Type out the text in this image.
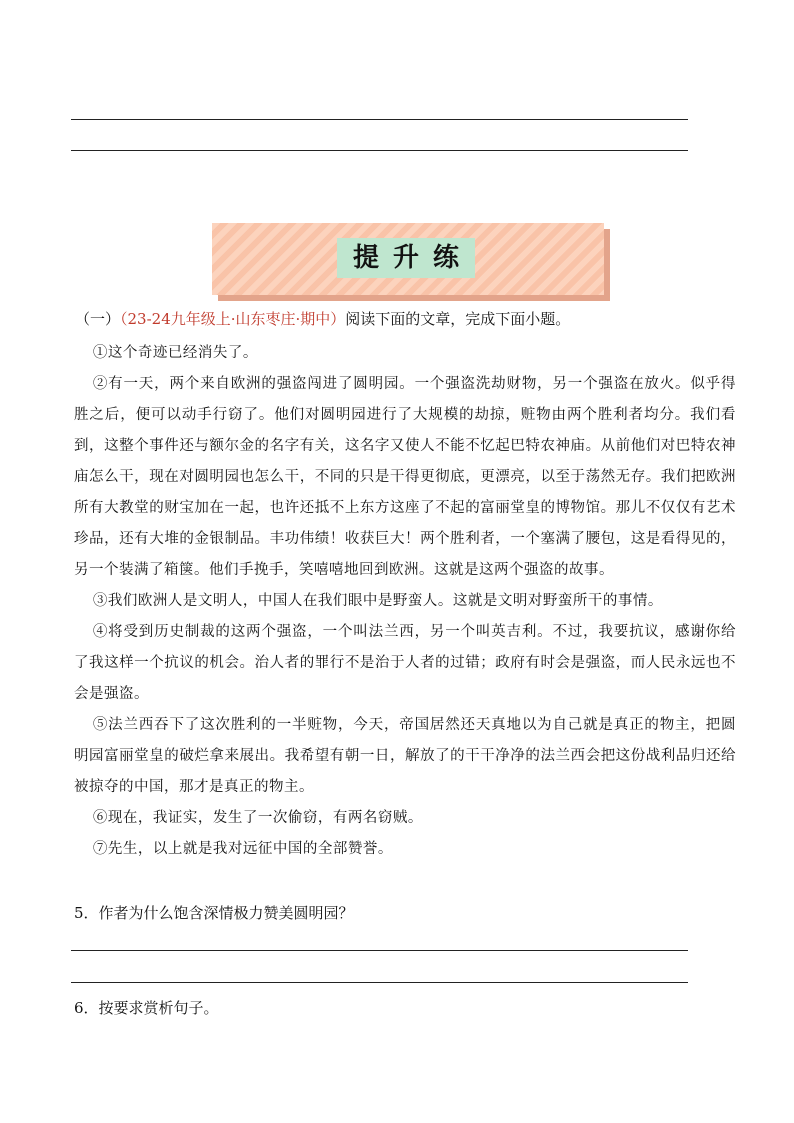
提升练
（一）（23-24九年级上·山东枣庄·期中）阅读下面的文章，完成下面小题。

①这个奇迹已经消失了。

②有一天，两个来自欧洲的强盗闯进了圆明园。一个强盗洗劫财物，另一个强盗在放火。似乎得胜之后，便可以动手行窃了。他们对圆明园进行了大规模的劫掠，赃物由两个胜利者均分。我们看到，这整个事件还与额尔金的名字有关，这名字又使人不能不忆起巴特农神庙。从前他们对巴特农神庙怎么干，现在对圆明园也怎么干，不同的只是干得更彻底，更漂亮，以至于荡然无存。我们把欧洲所有大教堂的财宝加在一起，也许还抵不上东方这座了不起的富丽堂皇的博物馆。那儿不仅仅有艺术珍品，还有大堆的金银制品。丰功伟绩！收获巨大！两个胜利者，一个塞满了腰包，这是看得见的，另一个装满了箱箧。他们手挽手，笑嘻嘻地回到欧洲。这就是这两个强盗的故事。

③我们欧洲人是文明人，中国人在我们眼中是野蛮人。这就是文明对野蛮所干的事情。

④将受到历史制裁的这两个强盗，一个叫法兰西，另一个叫英吉利。不过，我要抗议，感谢你给了我这样一个抗议的机会。治人者的罪行不是治于人者的过错；政府有时会是强盗，而人民永远也不会是强盗。

⑤法兰西吞下了这次胜利的一半赃物，今天，帝国居然还天真地以为自己就是真正的物主，把圆明园富丽堂皇的破烂拿来展出。我希望有朝一日，解放了的干干净净的法兰西会把这份战利品归还给被掠夺的中国，那才是真正的物主。

⑥现在，我证实，发生了一次偷窃，有两名窃贼。

⑦先生，以上就是我对远征中国的全部赞誉。

5．作者为什么饱含深情极力赞美圆明园？
6．按要求赏析句子。
